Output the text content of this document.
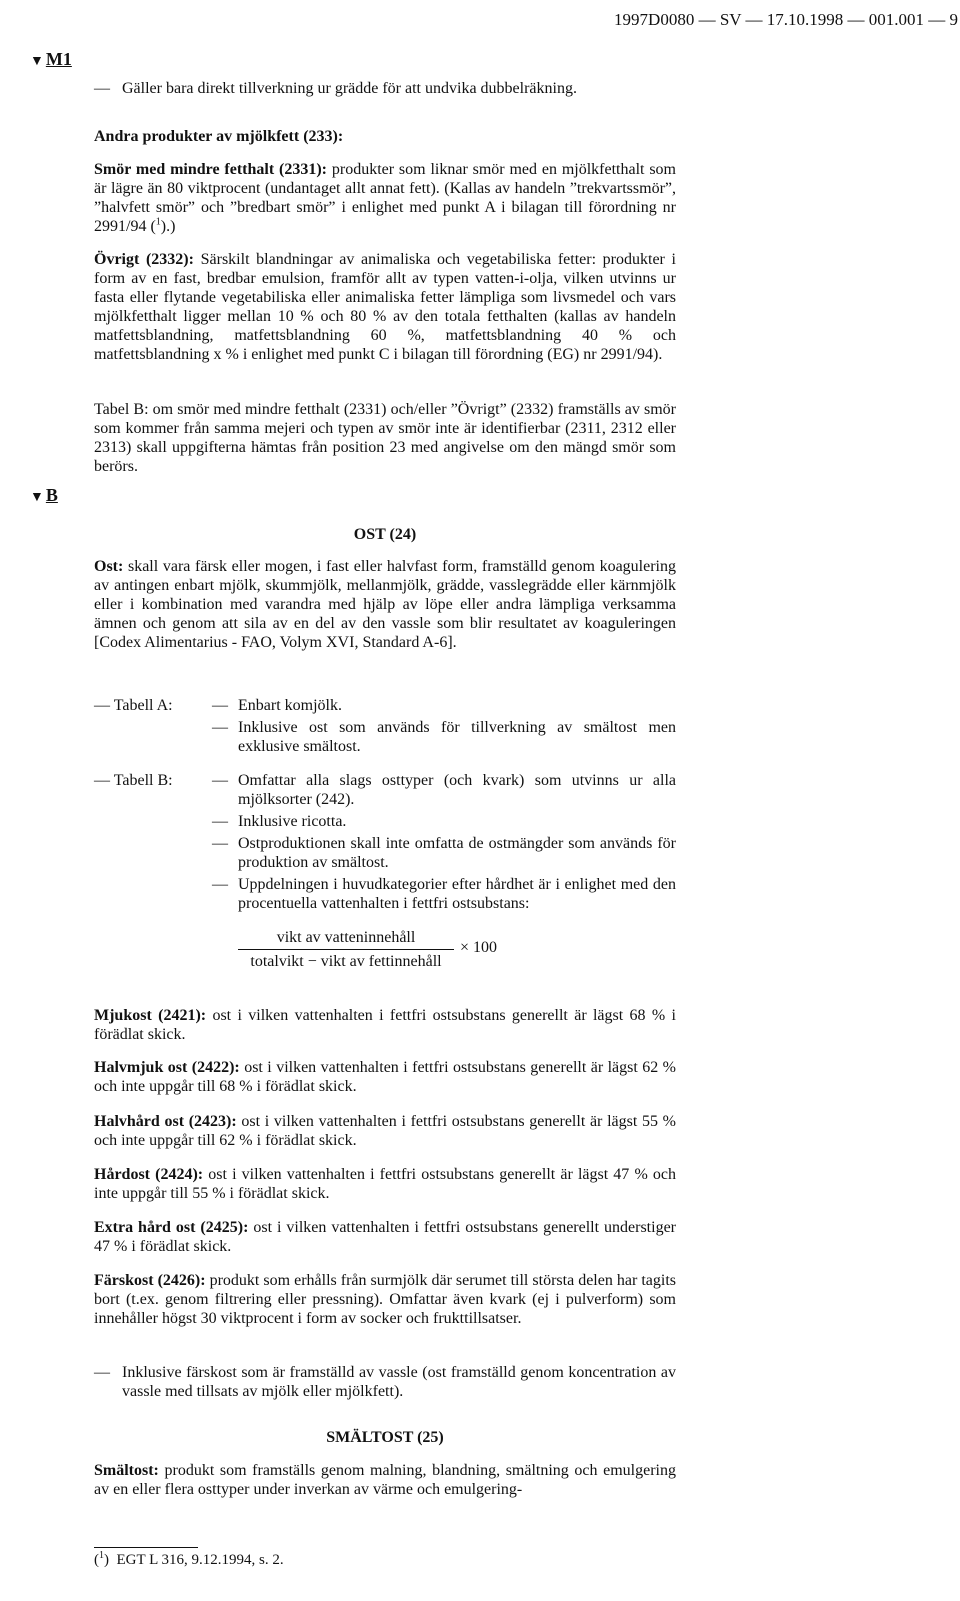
1997D0080 — SV — 17.10.1998 — 001.001 — 9
▼ M1
▼ B
— Gäller bara direkt tillverkning ur grädde för att undvika dubbelräkning.
Andra produkter av mjölkfett (233):

Smör med mindre fetthalt (2331): produkter som liknar smör med en mjölkfetthalt som är lägre än 80 viktprocent (undantaget allt annat fett). (Kallas av handeln ”trekvartssmör”, ”halvfett smör” och ”bredbart smör” i enlighet med punkt A i bilagan till förordning nr 2991/94 ($^1$).)

Övrigt (2332): Särskilt blandningar av animaliska och vegetabiliska fetter: produkter i form av en fast, bredbar emulsion, framför allt av typen vatten-i-olja, vilken utvinns ur fasta eller flytande vegetabiliska eller animaliska fetter lämpliga som livsmedel och vars mjölkfetthalt ligger mellan 10 % och 80 % av den totala fetthalten (kallas av handeln matfettsblandning, matfettsblandning 60 %, matfettsblandning 40 % och matfettsblandning x % i enlighet med punkt C i bilagan till förordning (EG) nr 2991/94).

Tabel B: om smör med mindre fetthalt (2331) och/eller ”Övrigt” (2332) framställs av smör som kommer från samma mejeri och typen av smör inte är identifierbar (2311, 2312 eller 2313) skall uppgifterna hämtas från position 23 med angivelse om den mängd smör som berörs.
OST (24)

Ost: skall vara färsk eller mogen, i fast eller halvfast form, framställd genom koagulering av antingen enbart mjölk, skummjölk, mellanmjölk, grädde, vasslegrädde eller kärnmjölk eller i kombination med varandra med hjälp av löpe eller andra lämpliga verksamma ämnen och genom att sila av en del av den vassle som blir resultatet av koaguleringen [Codex Alimentarius - FAO, Volym XVI, Standard A-6].

— Tabell A: — Enbart komjölk.
— Inklusive ost som används för tillverkning av smältost men exklusive smältost.
— Tabell B: — Omfattar alla slags osttyper (och kvark) som utvinns ur alla mjölksorter (242).
— Inklusive ricotta.
— Ostproduktionen skall inte omfatta de ostmängder som används för produktion av smältost.
— Uppdelningen i huvudkategorier efter hårdhet är i enlighet med den procentuella vattenhalten i fettfri ostsubstans:
vikt av vatteninnehåll
totalvikt − vikt av fettinnehåll
× 100

Mjukost (2421): ost i vilken vattenhalten i fettfri ostsubstans generellt är lägst 68 % i förädlat skick.

Halvmjuk ost (2422): ost i vilken vattenhalten i fettfri ostsubstans generellt är lägst 62 % och inte uppgår till 68 % i förädlat skick.

Halvhård ost (2423): ost i vilken vattenhalten i fettfri ostsubstans generellt är lägst 55 % och inte uppgår till 62 % i förädlat skick.

Hårdost (2424): ost i vilken vattenhalten i fettfri ostsubstans generellt är lägst 47 % och inte uppgår till 55 % i förädlat skick.

Extra hård ost (2425): ost i vilken vattenhalten i fettfri ostsubstans generellt understiger 47 % i förädlat skick.

Färskost (2426): produkt som erhålls från surmjölk där serumet till största delen har tagits bort (t.ex. genom filtrering eller pressning). Omfattar även kvark (ej i pulverform) som innehåller högst 30 viktprocent i form av socker och frukttillsatser.

— Inklusive färskost som är framställd av vassle (ost framställd genom koncentration av vassle med tillsats av mjölk eller mjölkfett).
SMÄLTOST (25)

Smältost: produkt som framställs genom malning, blandning, smältning och emulgering av en eller flera osttyper under inverkan av värme och emulgering-

($^1$)  EGT L 316, 9.12.1994, s. 2.
